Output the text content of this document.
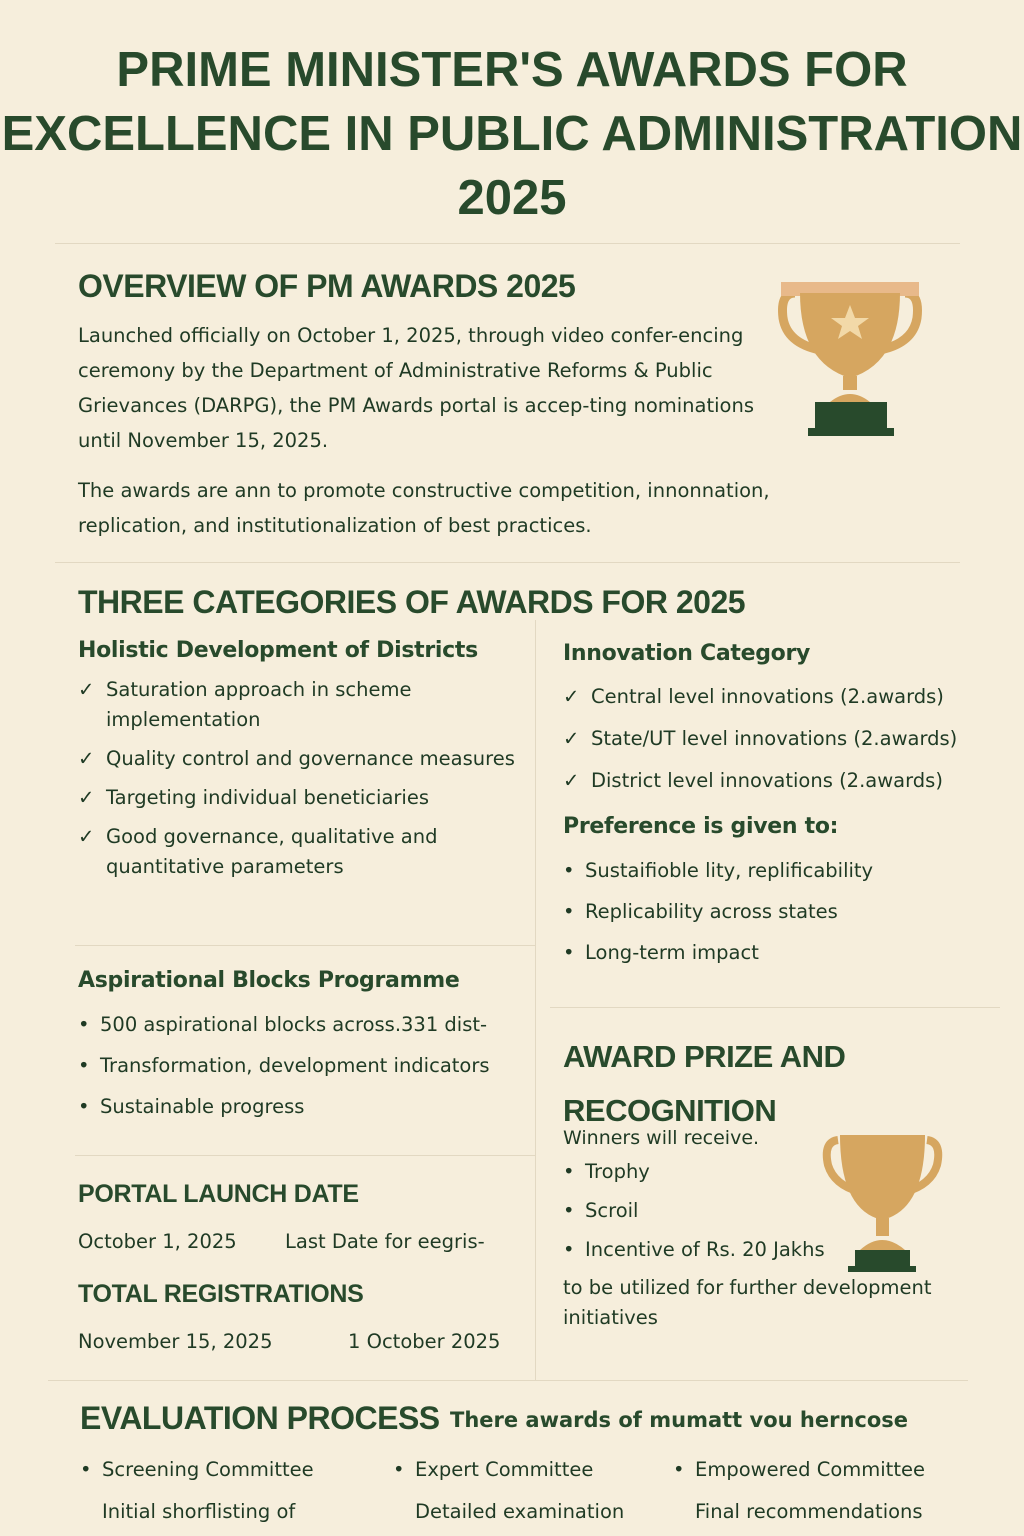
PRIME MINISTER'S AWARDS FOR EXCELLENCE IN PUBLIC ADMINISTRATION 2025
OVERVIEW OF PM AWARDS 2025
Launched officially on October 1, 2025, through video confer-encing ceremony by the Department of Administrative Reforms & Public Grievances (DARPG), the PM Awards portal is accep-ting nominations until November 15, 2025.
The awards are ann to promote constructive competition, innonnation, replication, and institutionalization of best practices.
THREE CATEGORIES OF AWARDS FOR 2025
Holistic Development of Districts
✓ Saturation approach in scheme implementation
✓ Quality control and governance measures
✓ Targeting individual beneticiaries
✓ Good governance, qualitative and quantitative parameters
Aspirational Blocks Programme
• 500 aspirational blocks across.331 dist-
• Transformation, development indicators
• Sustainable progress
PORTAL LAUNCH DATE
October 1, 2025 Last Date for eegris-
TOTAL REGISTRATIONS
November 15, 2025	1 October 2025
Innovation Category
✓ Central level innovations (2.awards)
✓ State/UT level innovations (2.awards)
✓ District level innovations (2.awards)
Preference is given to:
• Sustaifioble lity, replificability
• Replicability across states
• Long-term impact
AWARD PRIZE AND RECOGNITION
Winners will receive.
• Trophy
• Scroil
• Incentive of Rs. 20 Jakhs
to be utilized for further development initiatives
EVALUATION PROCESS There awards of mumatt vou herncose
• Screening Committee
Initial shorflisting of
• Expert Committee
Detailed examination
• Empowered Committee
Final recommendations
